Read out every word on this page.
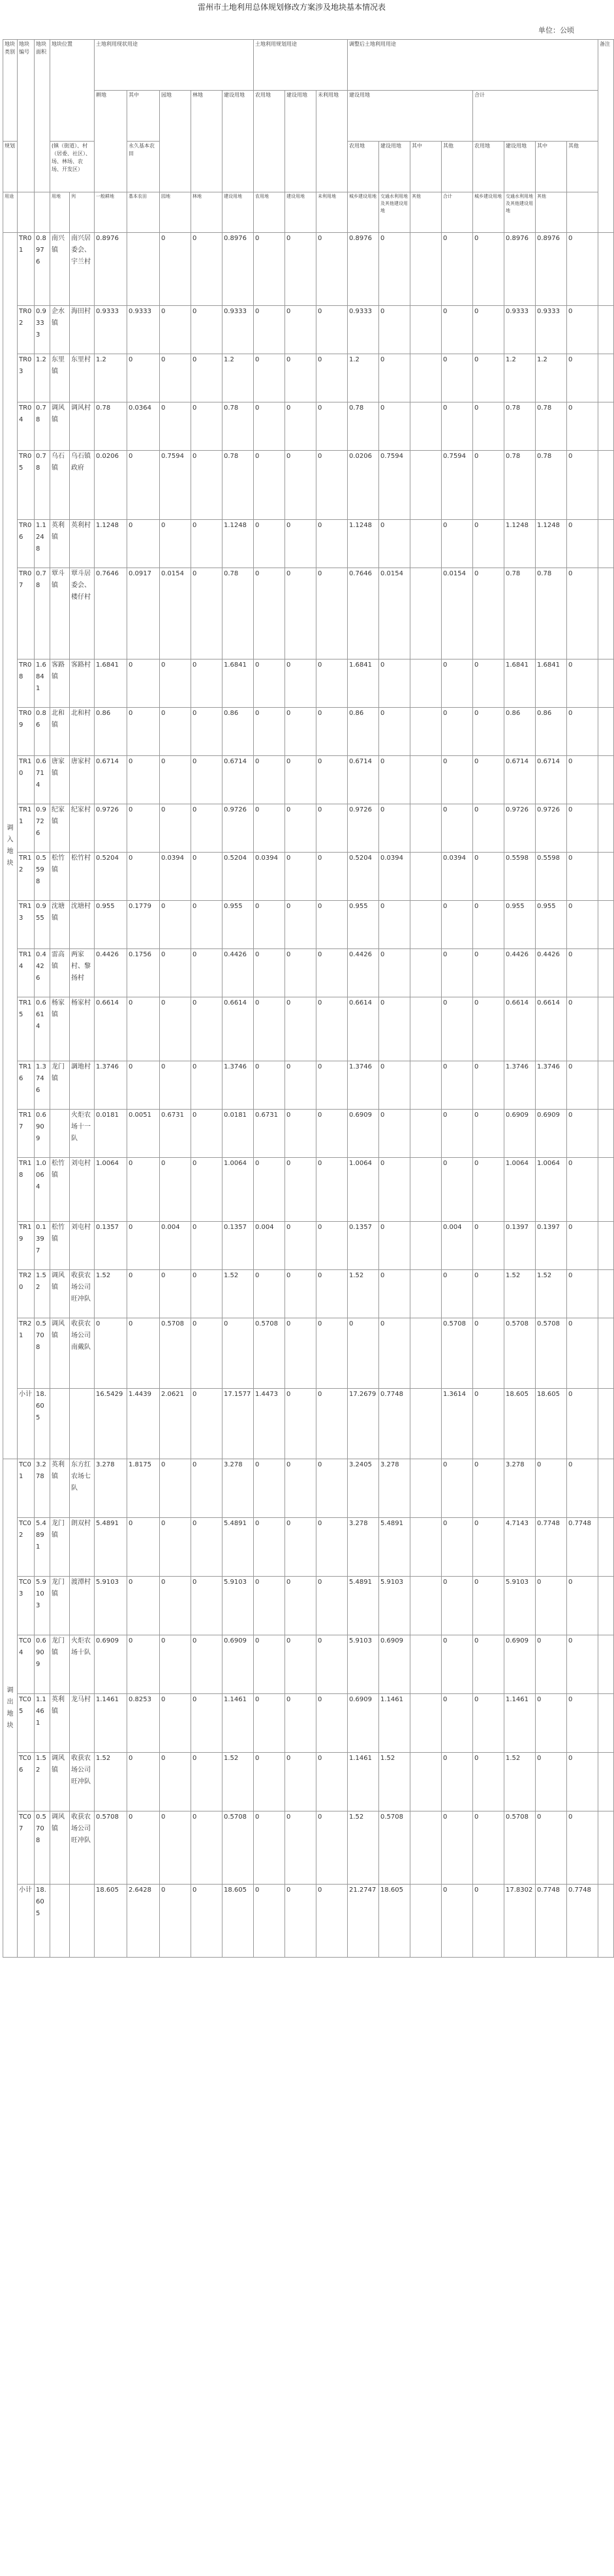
雷州市土地利用总体规划修改方案涉及地块基本情况表
单位：公顷
地块类别	地块编号	地块面积	地块位置		土地利用现状用途					土地利用规划用途			调整后土地利用用途								备注
					耕地	其中	园地	林地	建设用地	农用地	建设用地	未利用地	建设用地				合计				
规划			(镇（街道）、村（居委、社区）、场、林场、农场、开发区）			永久基本农田							农用地	建设用地	其中	其他	农用地	建设用地	其中	其他	
用途			用地	列	一般耕地	基本农田	园地	林地	建设用地	农用地	建设用地	未利用地	城乡建设用地	交通水利用地及其他建设用地	其他	合计	城乡建设用地	交通水利用地及其他建设用地	其他		
调入地块	TR01	0.8976	南兴镇	南兴居委会、宇兰村	0.8976		0	0	0.8976	0	0	0	0.8976	0		0	0	0.8976	0.8976	0	
	TR02	0.9333	企水镇	海田村	0.9333	0.9333	0	0	0.9333	0	0	0	0.9333	0		0	0	0.9333	0.9333	0	
	TR03	1.2	东里镇	东里村	1.2	0	0	0	1.2	0	0	0	1.2	0		0	0	1.2	1.2	0	
	TR04	0.78	调风镇	调风村	0.78	0.0364	0	0	0.78	0	0	0	0.78	0		0	0	0.78	0.78	0	
	TR05	0.78	乌石镇	乌石镇政府	0.0206	0	0.7594	0	0.78	0	0	0	0.0206	0.7594		0.7594	0	0.78	0.78	0	
	TR06	1.1248	英利镇	英利村	1.1248	0	0	0	1.1248	0	0	0	1.1248	0		0	0	1.1248	1.1248	0	
	TR07	0.78	覃斗镇	覃斗居委会、楼仔村	0.7646	0.0917	0.0154	0	0.78	0	0	0	0.7646	0.0154		0.0154	0	0.78	0.78	0	
	TR08	1.6841	客路镇	客路村	1.6841	0	0	0	1.6841	0	0	0	1.6841	0		0	0	1.6841	1.6841	0	
	TR09	0.86	北和镇	北和村	0.86	0	0	0	0.86	0	0	0	0.86	0		0	0	0.86	0.86	0	
	TR10	0.6714	唐家镇	唐家村	0.6714	0	0	0	0.6714	0	0	0	0.6714	0		0	0	0.6714	0.6714	0	
	TR11	0.9726	纪家镇	纪家村	0.9726	0	0	0	0.9726	0	0	0	0.9726	0		0	0	0.9726	0.9726	0	
	TR12	0.5598	松竹镇	松竹村	0.5204	0	0.0394	0	0.5204	0.0394	0	0	0.5204	0.0394		0.0394	0	0.5598	0.5598	0	
	TR13	0.955	沈塘镇	沈塘村	0.955	0.1779	0	0	0.955	0	0	0	0.955	0		0	0	0.955	0.955	0	
	TR14	0.4426	雷高镇	两家村、黎扬村	0.4426	0.1756	0	0	0.4426	0	0	0	0.4426	0		0	0	0.4426	0.4426	0	
	TR15	0.6614	杨家镇	杨家村	0.6614	0	0	0	0.6614	0	0	0	0.6614	0		0	0	0.6614	0.6614	0	
	TR16	1.3746	龙门镇	調地村	1.3746	0	0	0	1.3746	0	0	0	1.3746	0		0	0	1.3746	1.3746	0	
	TR17	0.6909		火炬农场十一队	0.0181	0.0051	0.6731	0	0.0181	0.6731	0	0	0.6909	0		0	0	0.6909	0.6909	0	
	TR18	1.0064	松竹镇	刘屯村	1.0064	0	0	0	1.0064	0	0	0	1.0064	0		0	0	1.0064	1.0064	0	
	TR19	0.1397	松竹镇	刘屯村	0.1357	0	0.004	0	0.1357	0.004	0	0	0.1357	0		0.004	0	0.1397	0.1397	0	
	TR20	1.52	调风镇	收获农场公司旺冲队	1.52	0	0	0	1.52	0	0	0	1.52	0		0	0	1.52	1.52	0	
	TR21	0.5708	调风镇	收获农场公司南戴队	0	0	0.5708	0	0	0.5708	0	0	0	0		0.5708	0	0.5708	0.5708	0	
	小计	18.605			16.5429	1.4439	2.0621	0	17.1577	1.4473	0	0	17.2679	0.7748		1.3614	0	18.605	18.605	0	
调出地块	TC01	3.278	英利镇	东方红农场七队	3.278	1.8175	0	0	3.278	0	0	0	3.2405	3.278		0	0	3.278	0	0	
	TC02	5.4891	龙门镇	朗双村	5.4891	0	0	0	5.4891	0	0	0	3.278	5.4891		0	0	4.7143	0.7748	0.7748	
	TC03	5.9103	龙门镇	渡潭村	5.9103	0	0	0	5.9103	0	0	0	5.4891	5.9103		0	0	5.9103	0	0	
	TC04	0.6909	龙门镇	火炬农场十队	0.6909	0	0	0	0.6909	0	0	0	5.9103	0.6909		0	0	0.6909	0	0	
	TC05	1.1461	英利镇	龙马村	1.1461	0.8253	0	0	1.1461	0	0	0	0.6909	1.1461		0	0	1.1461	0	0	
	TC06	1.52	调风镇	收获农场公司旺冲队	1.52	0	0	0	1.52	0	0	0	1.1461	1.52		0	0	1.52	0	0	
	TC07	0.5708	调风镇	收获农场公司旺冲队	0.5708	0	0	0	0.5708	0	0	0	1.52	0.5708		0	0	0.5708	0	0	
	小计	18.605			18.605	2.6428	0	0	18.605	0	0	0	21.2747	18.605		0	0	17.8302	0.7748	0.7748	
